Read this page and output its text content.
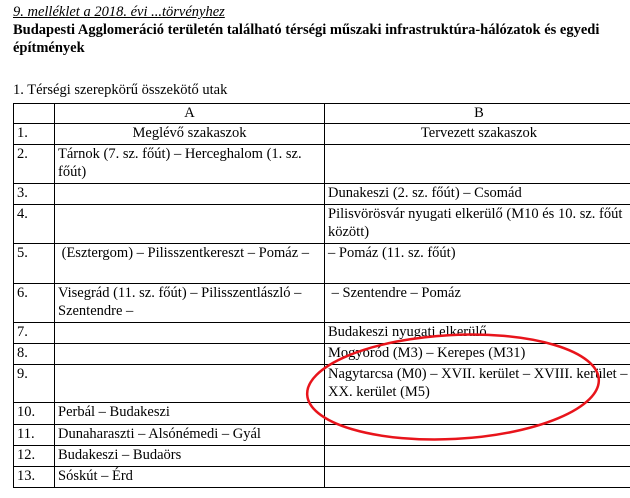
9. melléklet a 2018. évi ...törvényhez
Budapesti Agglomeráció területén található térségi műszaki infrastruktúra-hálózatok és egyedi építmények
1. Térségi szerepkörű összekötő utak
	A	B
1.	Meglévő szakaszok	Tervezett szakaszok
2.	Tárnok (7. sz. főút) – Herceghalom (1. sz. főút)	
3.		Dunakeszi (2. sz. főút) – Csomád
4.		Pilisvörösvár nyugati elkerülő (M10 és 10. sz. főút között)
5.	(Esztergom) – Pilisszentkereszt – Pomáz –	– Pomáz (11. sz. főút)
6.	Visegrád (11. sz. főút) – Pilisszentlászló – Szentendre –	– Szentendre – Pomáz
7.		Budakeszi nyugati elkerülő
8.		Mogyoród (M3) – Kerepes (M31)
9.		Nagytarcsa (M0) – XVII. kerület – XVIII. kerület – XX. kerület (M5)
10.	Perbál – Budakeszi	
11.	Dunaharaszti – Alsónémedi – Gyál	
12.	Budakeszi – Budaörs	
13.	Sóskút – Érd	
